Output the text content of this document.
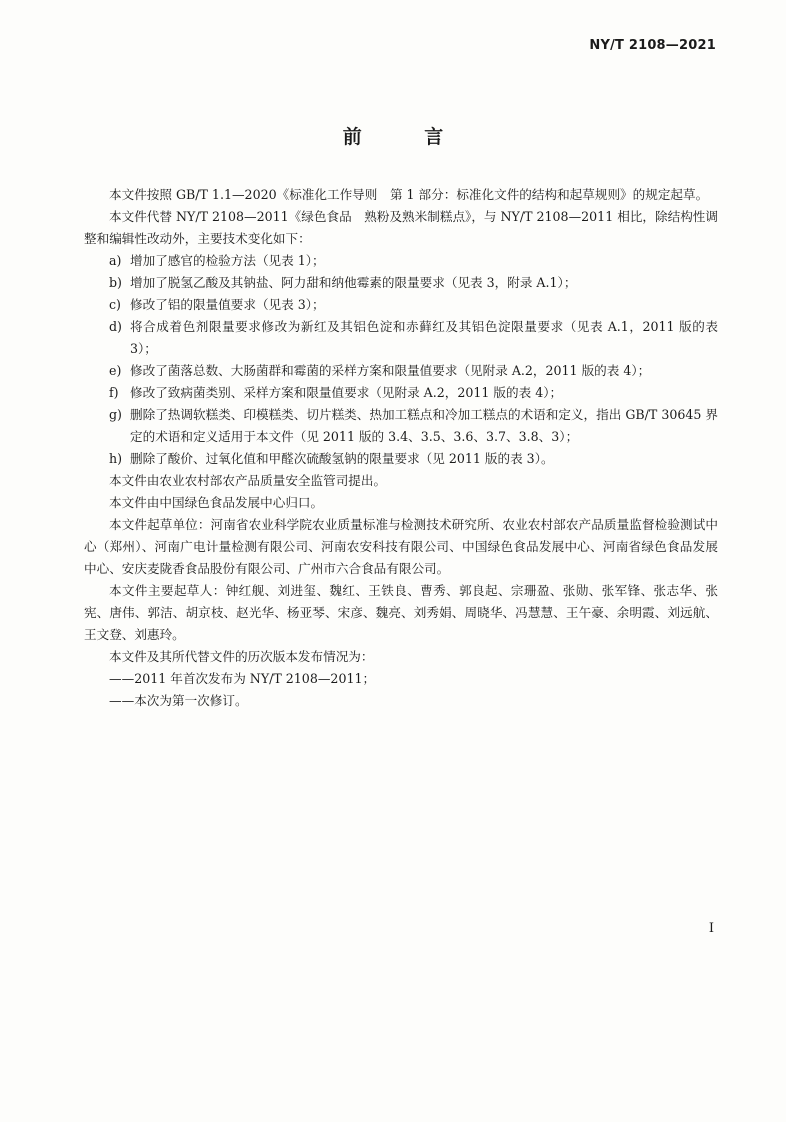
NY/T 2108—2021
前 言

本文件按照 GB/T 1.1—2020《标准化工作导则　第 1 部分：标准化文件的结构和起草规则》的规定起草。

本文件代替 NY/T 2108—2011《绿色食品　熟粉及熟米制糕点》，与 NY/T 2108—2011 相比，除结构性调整和编辑性改动外，主要技术变化如下：

a) 增加了感官的检验方法（见表 1）；

b) 增加了脱氢乙酸及其钠盐、阿力甜和纳他霉素的限量要求（见表 3，附录 A.1）；

c) 修改了铝的限量值要求（见表 3）；

d) 将合成着色剂限量要求修改为新红及其铝色淀和赤藓红及其铝色淀限量要求（见表 A.1，2011 版的表 3）；

e) 修改了菌落总数、大肠菌群和霉菌的采样方案和限量值要求（见附录 A.2，2011 版的表 4）；

f) 修改了致病菌类别、采样方案和限量值要求（见附录 A.2，2011 版的表 4）；

g) 删除了热调软糕类、印模糕类、切片糕类、热加工糕点和冷加工糕点的术语和定义，指出 GB/T 30645 界定的术语和定义适用于本文件（见 2011 版的 3.4、3.5、3.6、3.7、3.8、3）；

h) 删除了酸价、过氧化值和甲醛次硫酸氢钠的限量要求（见 2011 版的表 3）。

本文件由农业农村部农产品质量安全监管司提出。

本文件由中国绿色食品发展中心归口。

本文件起草单位：河南省农业科学院农业质量标准与检测技术研究所、农业农村部农产品质量监督检验测试中心（郑州）、河南广电计量检测有限公司、河南农安科技有限公司、中国绿色食品发展中心、河南省绿色食品发展中心、安庆麦陇香食品股份有限公司、广州市六合食品有限公司。

本文件主要起草人：钟红舰、刘进玺、魏红、王铁良、曹秀、郭良起、宗珊盈、张勋、张军锋、张志华、张宪、唐伟、郭洁、胡京枝、赵光华、杨亚琴、宋彦、魏亮、刘秀娟、周晓华、冯慧慧、王午豪、余明霞、刘远航、王文登、刘惠玲。

本文件及其所代替文件的历次版本发布情况为：

——2011 年首次发布为 NY/T 2108—2011；

——本次为第一次修订。

I
